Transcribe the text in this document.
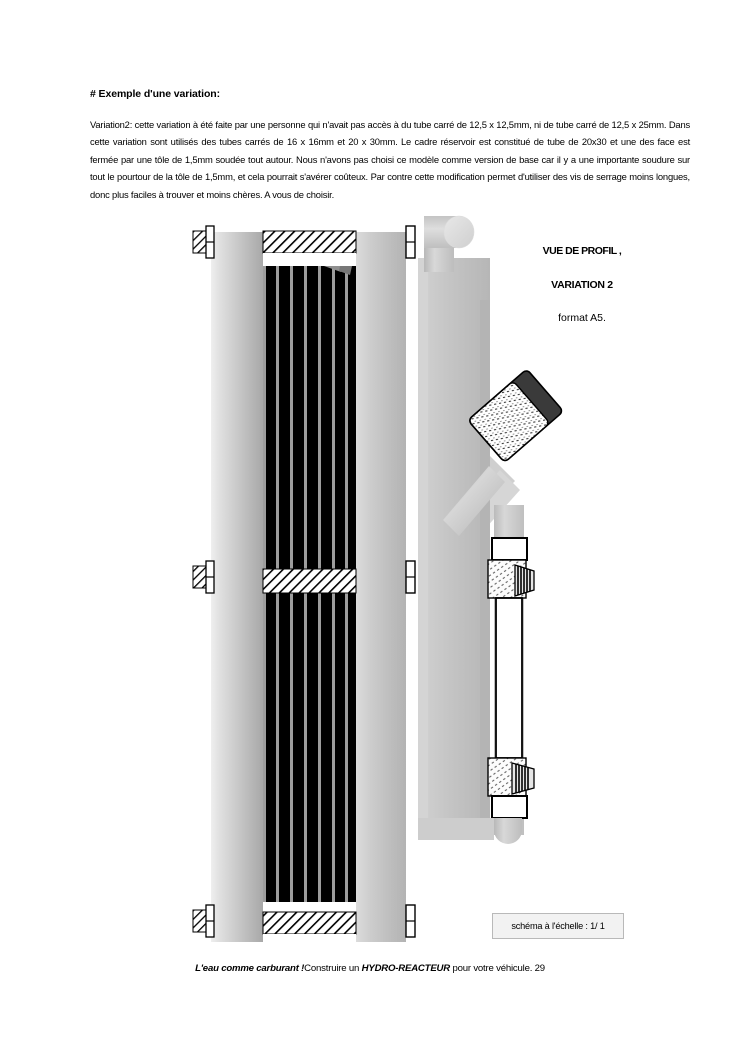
# Exemple d'une variation:
Variation2: cette variation à été faite par une personne qui n'avait pas accès à du tube carré de 12,5 x 12,5mm, ni de tube carré de 12,5 x 25mm. Dans cette variation sont utilisés des tubes carrés de 16 x 16mm et 20 x 30mm. Le cadre réservoir est constitué de tube de 20x30 et une des face est fermée par une tôle de 1,5mm soudée tout autour. Nous n'avons pas choisi ce modèle comme version de base car il y a une importante soudure sur tout le pourtour de la tôle de 1,5mm, et cela pourrait s'avérer coûteux. Par contre cette modification permet d'utiliser des vis de serrage moins longues, donc plus faciles à trouver et moins chères. A vous de choisir.
VUE DE PROFIL ,
VARIATION 2
format A5.
schéma à l'échelle : 1/ 1
L'eau comme carburant !Construire un HYDRO-REACTEUR pour votre véhicule. 29
